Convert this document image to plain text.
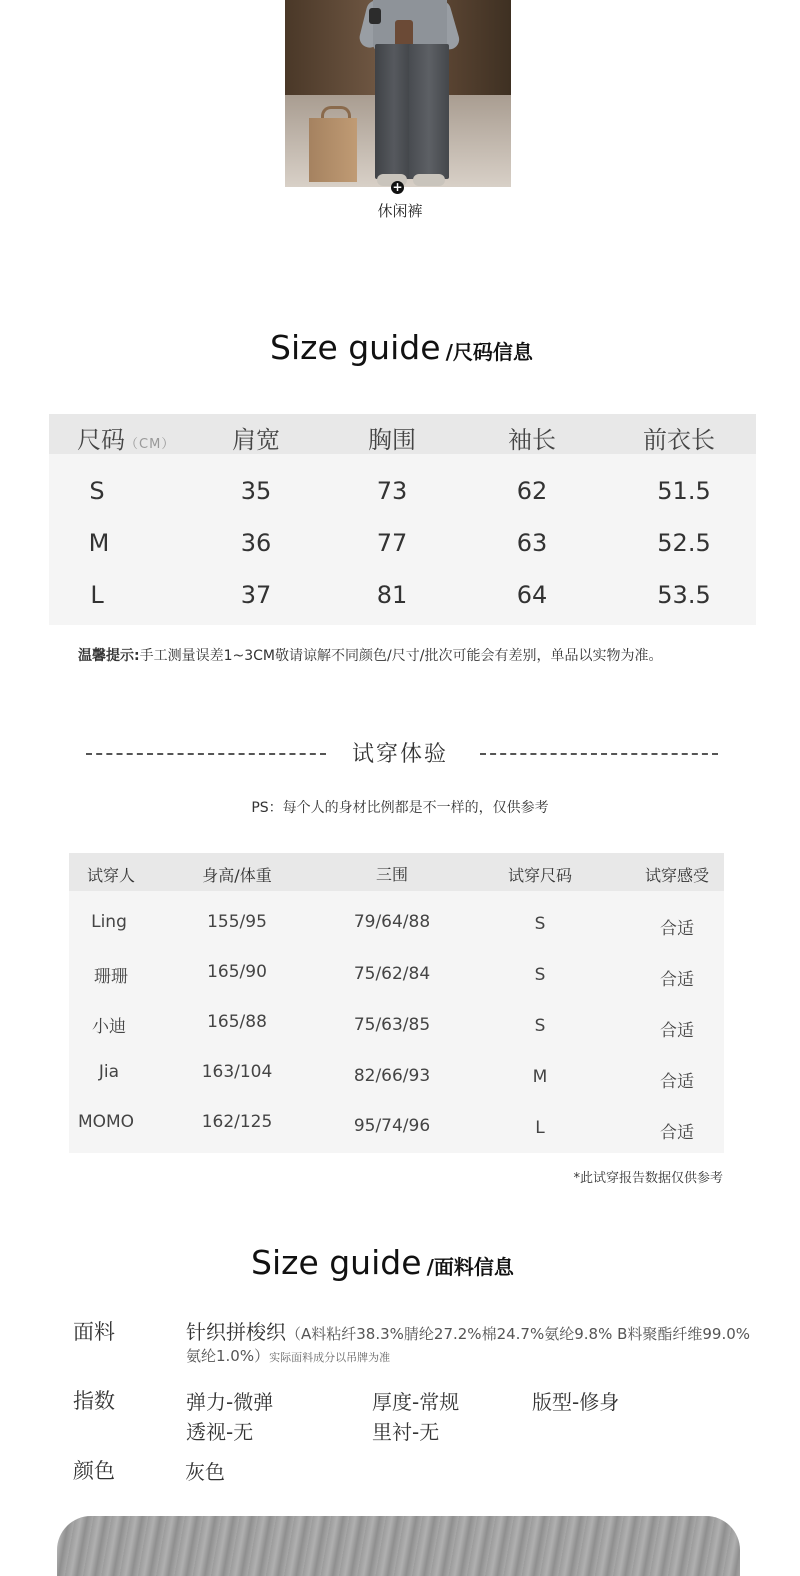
+
休闲裤
Size guide /尺码信息
尺码（CM）	肩宽	胸围	袖长	前衣长
S	35	73	62	51.5
M	36	77	63	52.5
L	37	81	64	53.5
温馨提示:手工测量误差1~3CM敬请谅解不同颜色/尺寸/批次可能会有差别，单品以实物为准。
试穿体验
PS：每个人的身材比例都是不一样的，仅供参考
试穿人	身高/体重	三围	试穿尺码	试穿感受
Ling	155/95	79/64/88	S	合适
珊珊	165/90	75/62/84	S	合适
小迪	165/88	75/63/85	S	合适
Jia	163/104	82/66/93	M	合适
MOMO	162/125	95/74/96	L	合适
*此试穿报告数据仅供参考
Size guide /面料信息
面料	针织拼梭织（A料粘纤38.3%腈纶27.2%棉24.7%氨纶9.8% B料聚酯纤维99.0%
氨纶1.0%）实际面料成分以吊牌为准
指数	弹力-微弹	厚度-常规	版型-修身
透视-无	里衬-无
颜色	灰色
